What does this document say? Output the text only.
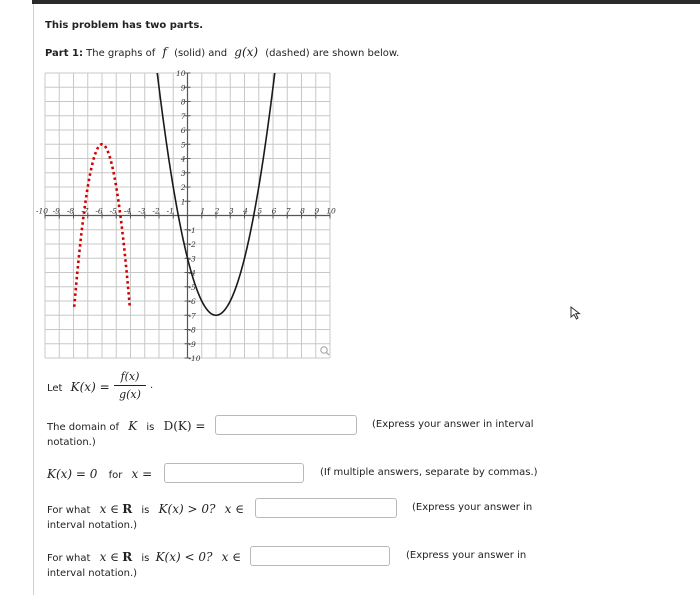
This problem has two parts.
Part 1: The graphs of f (solid) and g(x) (dashed) are shown below.
-10 -9 -8 -7 -6 -5 -4 -3 -2 -1	1 2 3 4 5 6 7 8 9 10
10
9
8
7
6
5
4
3
2
1
-1
-2
-3
-4
-5
-6
-7
-8
-9
-10
Let K(x) =
f(x)
g(x)
.
The domain of K is D(K) =	(Express your answer in interval
notation.)
K(x) = 0 for x =	(If multiple answers, separate by commas.)
For what x ∈ R is K(x) > 0? x ∈	(Express your answer in
interval notation.)
For what x ∈ R is K(x) < 0? x ∈	(Express your answer in
interval notation.)
